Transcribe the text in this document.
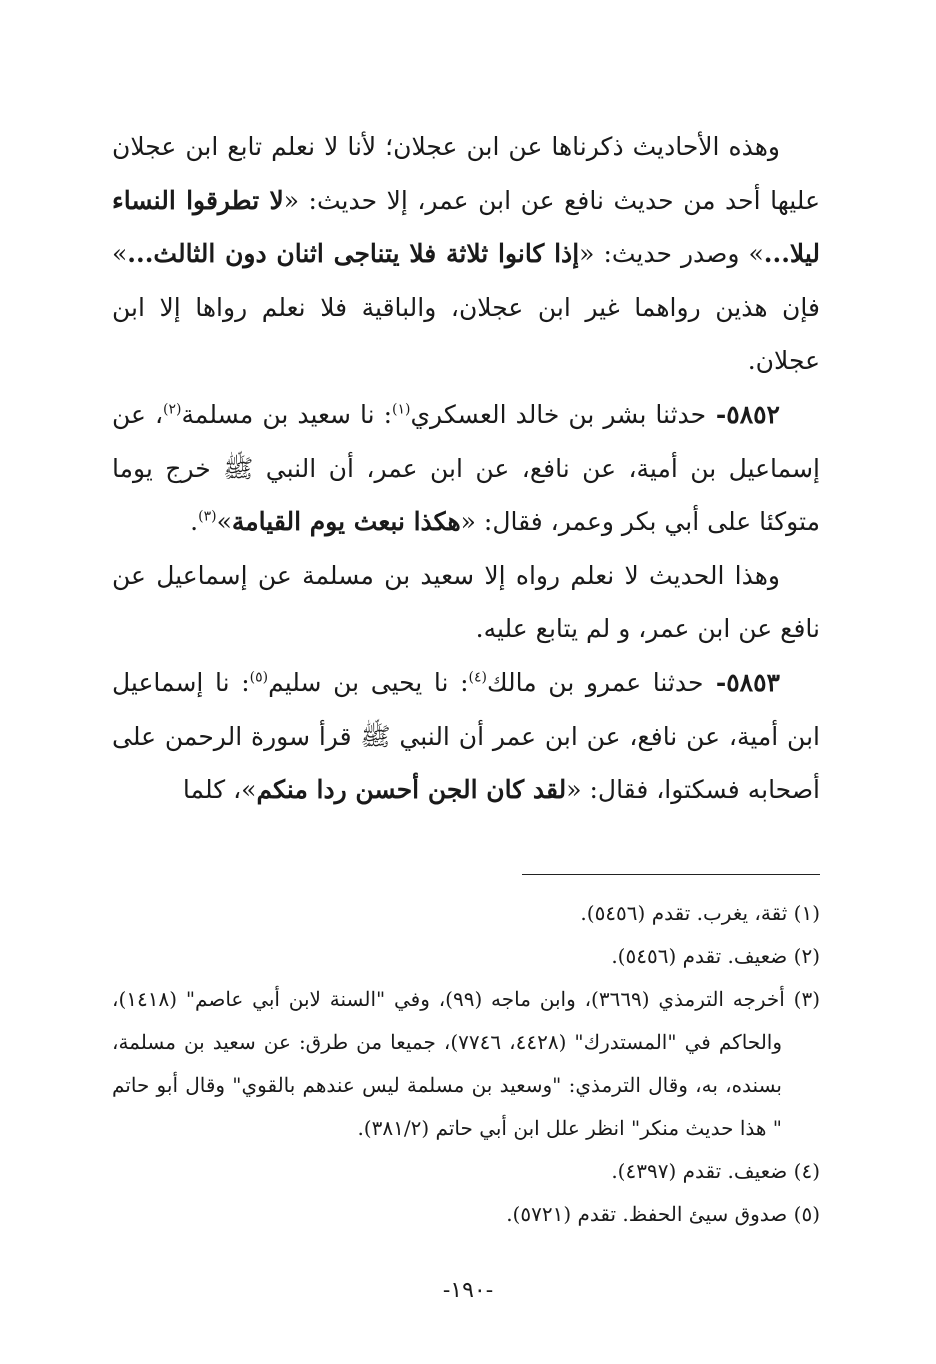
وهذه الأحاديث ذكرناها عن ابن عجلان؛ لأنا لا نعلم تابع ابن عجلان عليها أحد من حديث نافع عن ابن عمر، إلا حديث: «لا تطرقوا النساء ليلا...» وصدر حديث: «إذا كانوا ثلاثة فلا يتناجى اثنان دون الثالث...» فإن هذين رواهما غير ابن عجلان، والباقية فلا نعلم رواها إلا ابن عجلان.

٥٨٥٢- حدثنا بشر بن خالد العسكري$^{(١)}$: نا سعيد بن مسلمة$^{(٢)}$، عن إسماعيل بن أمية، عن نافع، عن ابن عمر، أن النبي ﷺ خرج يوما متوكئا على أبي بكر وعمر، فقال: «هكذا نبعث يوم القيامة»$^{(٣)}$.

وهذا الحديث لا نعلم رواه إلا سعيد بن مسلمة عن إسماعيل عن نافع عن ابن عمر، و لم يتابع عليه.

٥٨٥٣- حدثنا عمرو بن مالك$^{(٤)}$: نا يحيى بن سليم$^{(٥)}$: نا إسماعيل ابن أمية، عن نافع، عن ابن عمر أن النبي ﷺ قرأ سورة الرحمن على أصحابه فسكتوا، فقال: «لقد كان الجن أحسن ردا منكم»، كلما

(١) ثقة، يغرب. تقدم (٥٤٥٦).

(٢) ضعيف. تقدم (٥٤٥٦).

(٣) أخرجه الترمذي (٣٦٦٩)، وابن ماجه (٩٩)، وفي "السنة لابن أبي عاصم" (١٤١٨)، والحاكم في "المستدرك" (٤٤٢٨، ٧٧٤٦)، جميعا من طرق: عن سعيد بن مسلمة، بسنده، به، وقال الترمذي: "وسعيد بن مسلمة ليس عندهم بالقوي" وقال أبو حاتم " هذا حديث منكر" انظر علل ابن أبي حاتم (٣٨١/٢).

(٤) ضعيف. تقدم (٤٣٩٧).

(٥) صدوق سيئ الحفظ. تقدم (٥٧٢١).

-١٩٠-
